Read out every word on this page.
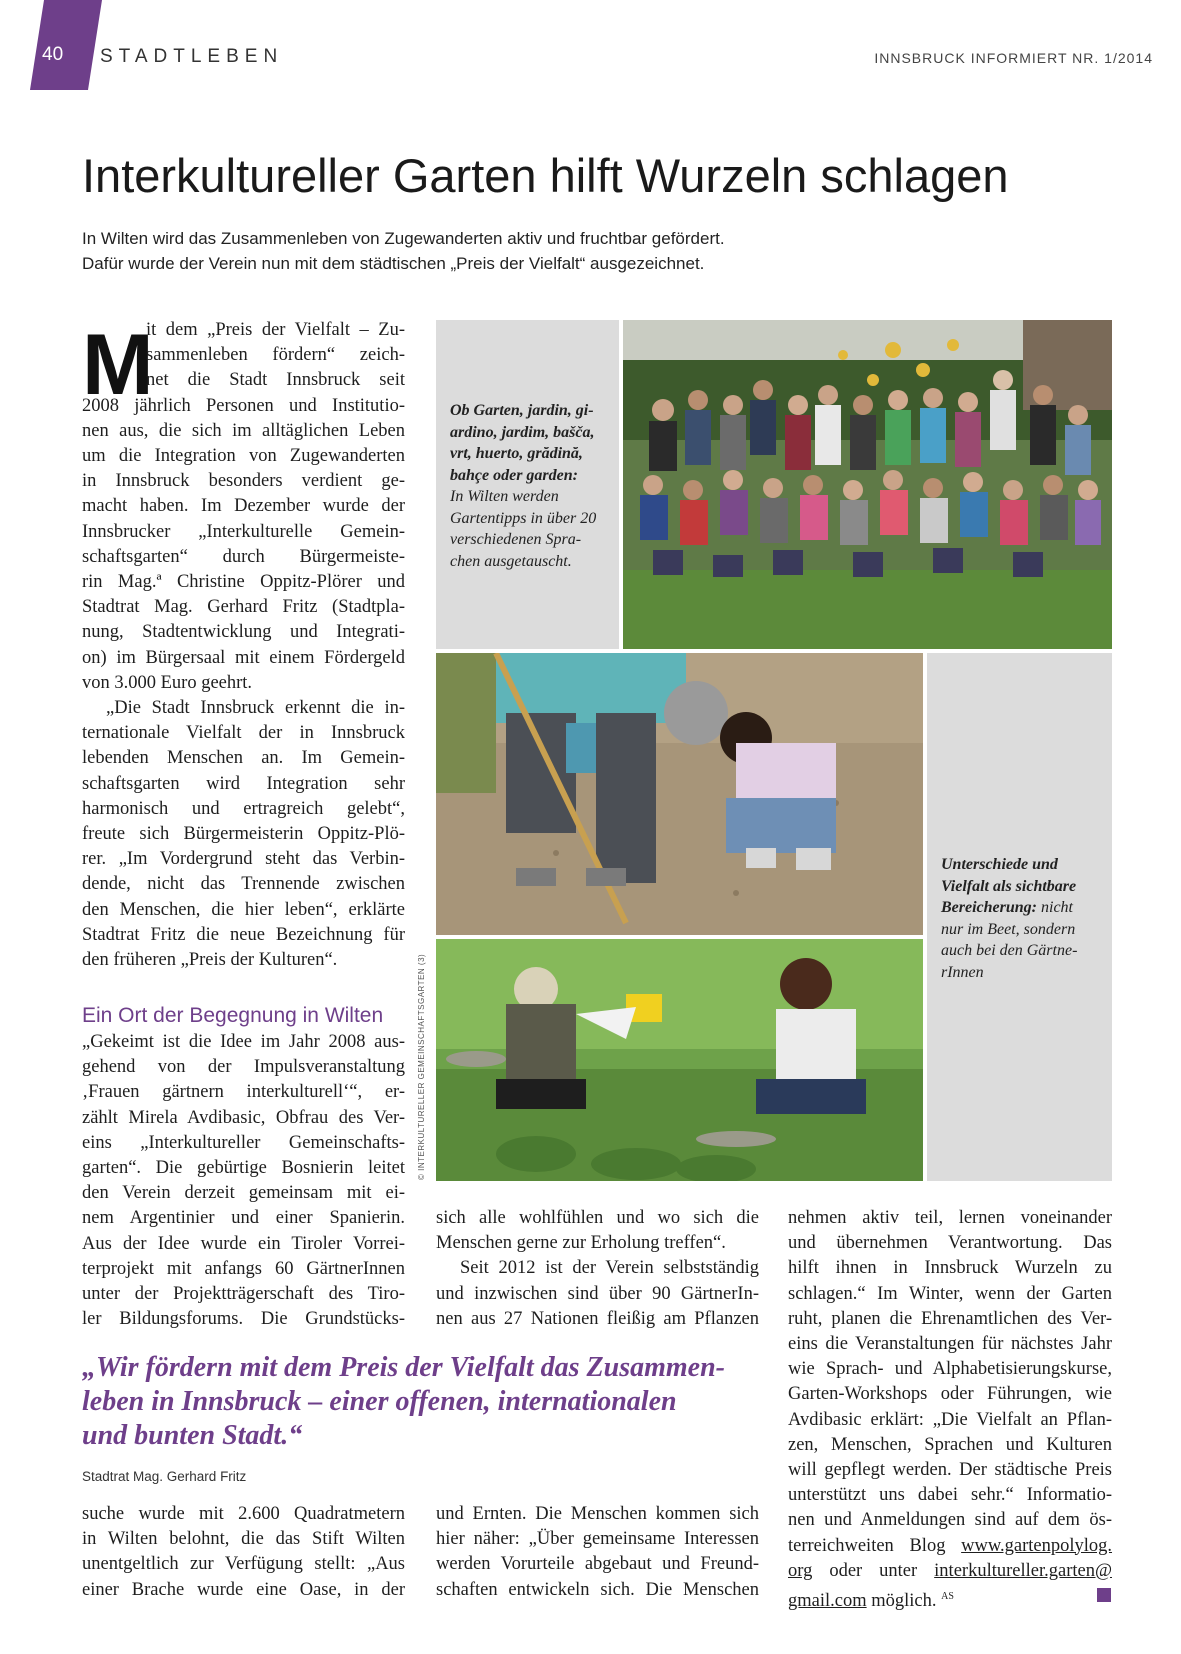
40 STADTLEBEN	INNSBRUCK INFORMIERT NR. 1/2014
Interkultureller Garten hilft Wurzeln schlagen
In Wilten wird das Zusammenleben von Zugewanderten aktiv und fruchtbar gefördert.
Dafür wurde der Verein nun mit dem städtischen „Preis der Vielfalt“ ausgezeichnet.
M
it dem „Preis der Vielfalt – Zu-
sammenleben fördern“ zeich-
net die Stadt Innsbruck seit
2008 jährlich Personen und Institutio-
nen aus, die sich im alltäglichen Leben
um die Integration von Zugewanderten
in Innsbruck besonders verdient ge-
macht haben. Im Dezember wurde der
Innsbrucker „Interkulturelle Gemein-
schaftsgarten“ durch Bürgermeiste-
rin Mag.ª Christine Oppitz-Plörer und
Stadtrat Mag. Gerhard Fritz (Stadtpla-
nung, Stadtentwicklung und Integrati-
on) im Bürgersaal mit einem Fördergeld
von 3.000 Euro geehrt.
„Die Stadt Innsbruck erkennt die in-
ternationale Vielfalt der in Innsbruck
lebenden Menschen an. Im Gemein-
schaftsgarten wird Integration sehr
harmonisch und ertragreich gelebt“,
freute sich Bürgermeisterin Oppitz-Plö-
rer. „Im Vordergrund steht das Verbin-
dende, nicht das Trennende zwischen
den Menschen, die hier leben“, erklärte
Stadtrat Fritz die neue Bezeichnung für
den früheren „Preis der Kulturen“.
Ein Ort der Begegnung in Wilten
„Gekeimt ist die Idee im Jahr 2008 aus-
gehend von der Impulsveranstaltung
‚Frauen gärtnern interkulturell‘“, er-
zählt Mirela Avdibasic, Obfrau des Ver-
eins „Interkultureller Gemeinschafts-
garten“. Die gebürtige Bosnierin leitet
den Verein derzeit gemeinsam mit ei-
nem Argentinier und einer Spanierin.
Aus der Idee wurde ein Tiroler Vorrei-
terprojekt mit anfangs 60 GärtnerInnen
unter der Projektträgerschaft des Tiro-
ler Bildungsforums. Die Grundstücks-
Ob Garten, jardin, gi-
ardino, jardim, bašča,
vrt, huerto, grădină,
bahçe oder garden:
In Wilten werden
Gartentipps in über 20
verschiedenen Spra-
chen ausgetauscht.
Unterschiede und
Vielfalt als sichtbare
Bereicherung: nicht
nur im Beet, sondern
auch bei den Gärtne-
rInnen
© INTERKULTURELLER GEMEINSCHAFTSGARTEN (3)
sich alle wohlfühlen und wo sich die
Menschen gerne zur Erholung treffen“.
Seit 2012 ist der Verein selbstständig
und inzwischen sind über 90 GärtnerIn-
nen aus 27 Nationen fleißig am Pflanzen
nehmen aktiv teil, lernen voneinander
und übernehmen Verantwortung. Das
hilft ihnen in Innsbruck Wurzeln zu
schlagen.“ Im Winter, wenn der Garten
ruht, planen die Ehrenamtlichen des Ver-
eins die Veranstaltungen für nächstes Jahr
wie Sprach- und Alphabetisierungskurse,
Garten-Workshops oder Führungen, wie
Avdibasic erklärt: „Die Vielfalt an Pflan-
zen, Menschen, Sprachen und Kulturen
will gepflegt werden. Der städtische Preis
unterstützt uns dabei sehr.“ Informatio-
nen und Anmeldungen sind auf dem ös-
terreichweiten Blog www.gartenpolylog.
org oder unter interkultureller.garten@
gmail.com möglich. $^{AS}$
„Wir fördern mit dem Preis der Vielfalt das Zusammen-
leben in Innsbruck – einer offenen, internationalen
und bunten Stadt.“
Stadtrat Mag. Gerhard Fritz
suche wurde mit 2.600 Quadratmetern
in Wilten belohnt, die das Stift Wilten
unentgeltlich zur Verfügung stellt: „Aus
einer Brache wurde eine Oase, in der
und Ernten. Die Menschen kommen sich
hier näher: „Über gemeinsame Interessen
werden Vorurteile abgebaut und Freund-
schaften entwickeln sich. Die Menschen
